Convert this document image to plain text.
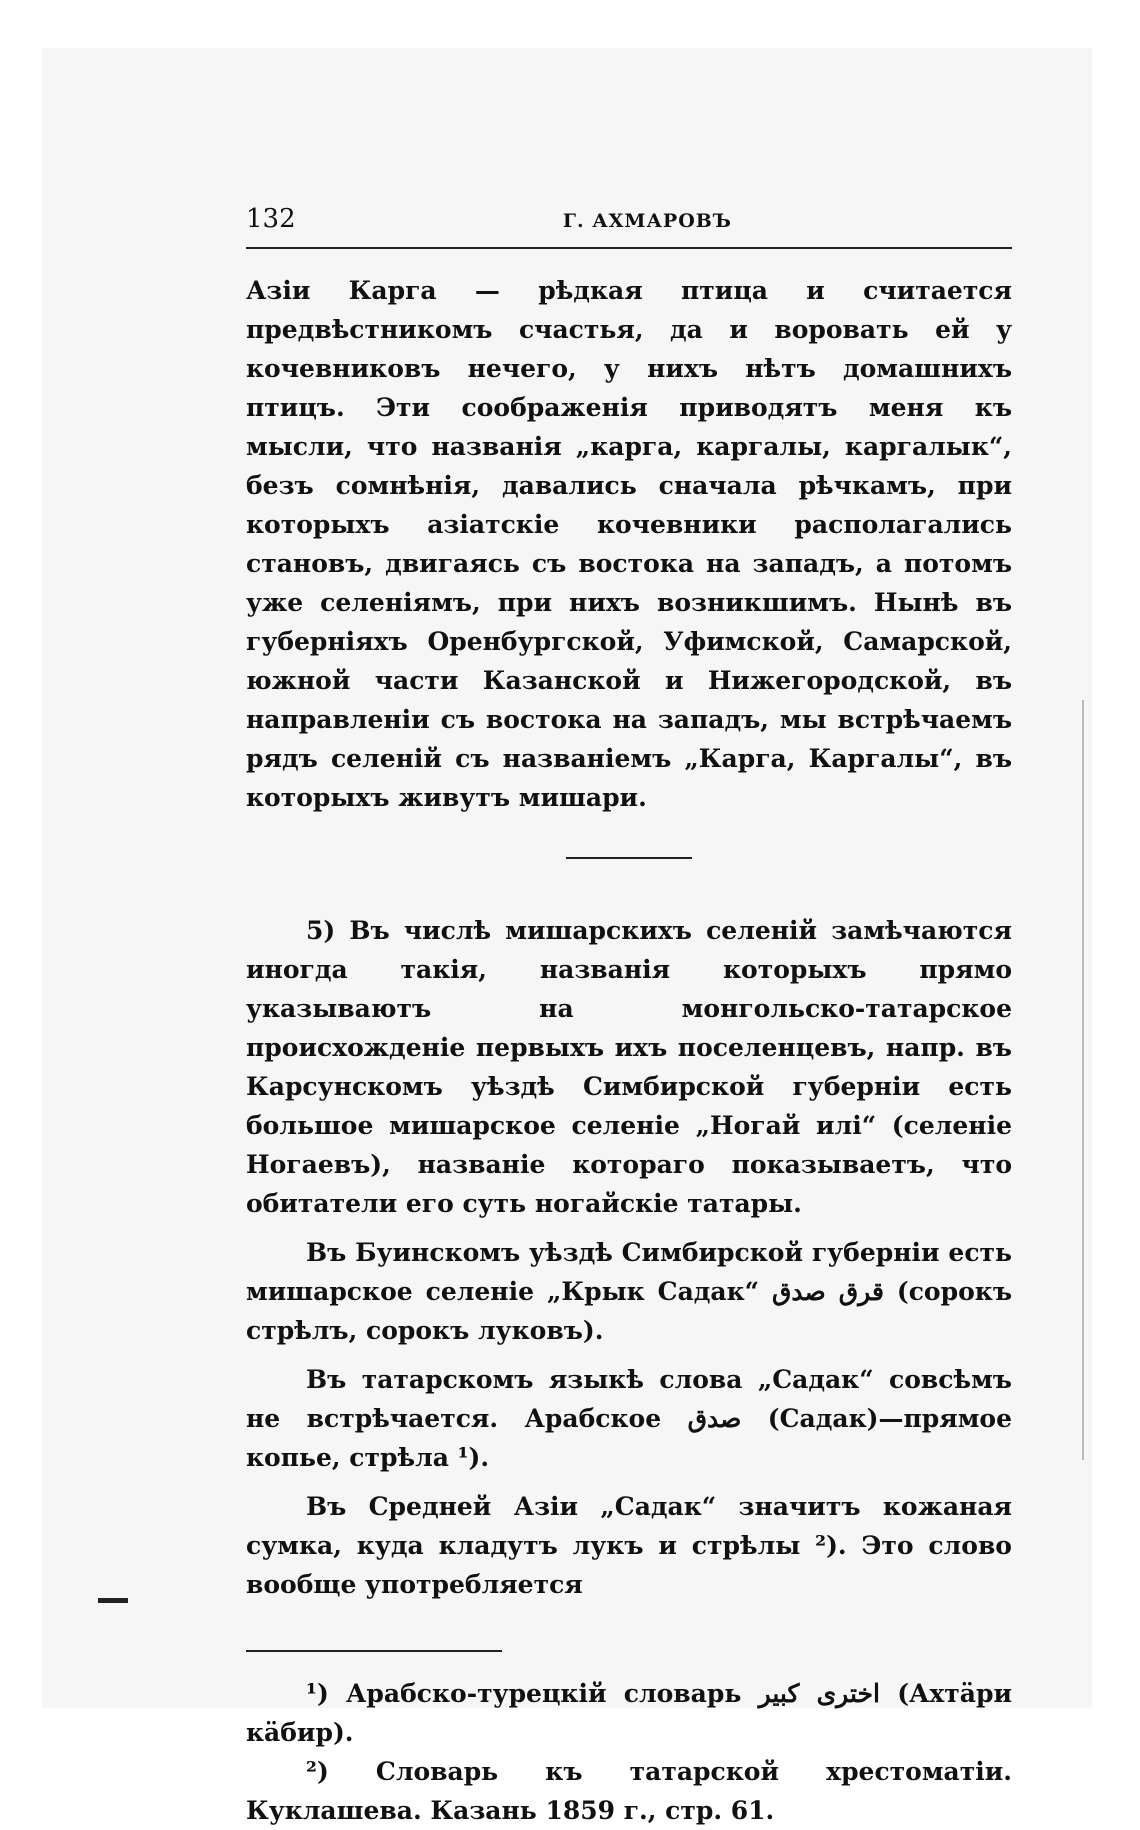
132	Г. АХМАРОВЪ

Азіи Карга — рѣдкая птица и считается предвѣстникомъ счастья, да и воровать ей у кочевниковъ нечего, у нихъ нѣтъ домашнихъ птицъ. Эти соображенія приводятъ меня къ мысли, что названія „карга, каргалы, каргалык“, безъ сомнѣнія, давались сначала рѣчкамъ, при которыхъ азіатскіе кочевники располагались становъ, двигаясь съ востока на западъ, а потомъ уже селеніямъ, при нихъ возникшимъ. Нынѣ въ губерніяхъ Оренбургской, Уфимской, Самарской, южной части Казанской и Нижегородской, въ направленіи съ востока на западъ, мы встрѣчаемъ рядъ селеній съ названіемъ „Карга, Каргалы“, въ которыхъ живутъ мишари.

5) Въ числѣ мишарскихъ селеній замѣчаются иногда такія, названія которыхъ прямо указываютъ на монгольско-татарское происхожденіе первыхъ ихъ поселенцевъ, напр. въ Карсунскомъ уѣздѣ Симбирской губерніи есть большое мишарское селеніе „Ногай илі“ (селеніе Ногаевъ), названіе котораго показываетъ, что обитатели его суть ногайскіе татары.

Въ Буинскомъ уѣздѣ Симбирской губерніи есть мишарское селеніе „Крык Садак“ قرق صدق (сорокъ стрѣлъ, сорокъ луковъ).

Въ татарскомъ языкѣ слова „Садак“ совсѣмъ не встрѣчается. Арабское صدق (Садак)—прямое копье, стрѣла ¹).

Въ Средней Азіи „Садак“ значитъ кожаная сумка, куда кладутъ лукъ и стрѣлы ²). Это слово вообще употребляется

¹) Арабско-турецкій словарь اختری کبیر (Ахтäри кäбир).

²) Словарь къ татарской хрестоматіи. Куклашева. Казань 1859 г., стр. 61.
